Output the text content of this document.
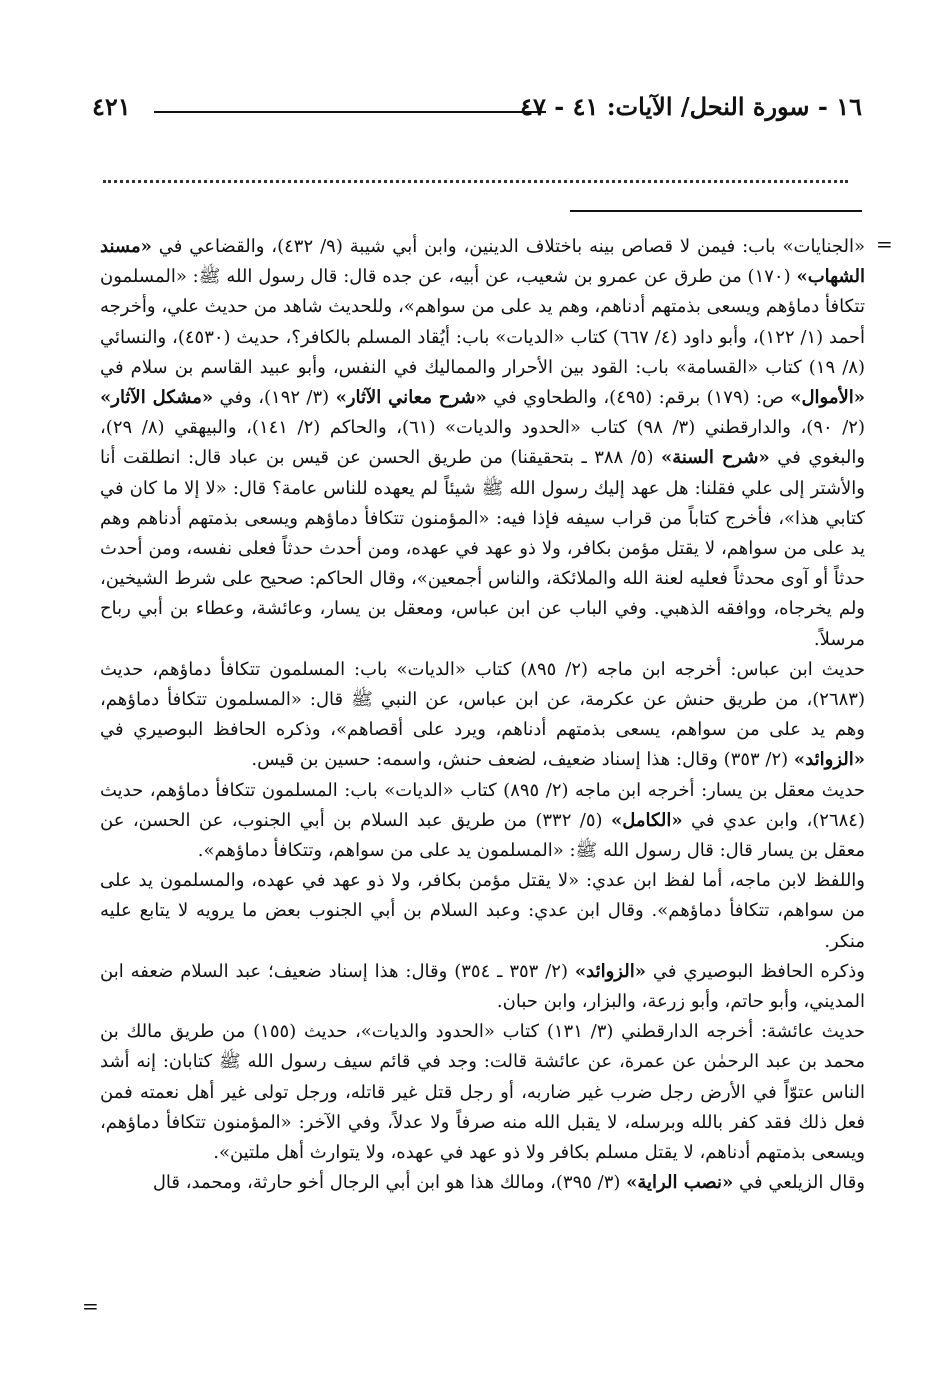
١٦ - سورة النحل/ الآيات: ٤١ - ٤٧
٤٢١
=
=

«الجنايات» باب: فيمن لا قصاص بينه باختلاف الدينين، وابن أبي شيبة (٩/ ٤٣٢)، والقضاعي في «مسند الشهاب» (١٧٠) من طرق عن عمرو بن شعيب، عن أبيه، عن جده قال: قال رسول الله ﷺ: «المسلمون تتكافأ دماؤهم ويسعى بذمتهم أدناهم، وهم يد على من سواهم»، وللحديث شاهد من حديث علي، وأخرجه أحمد (١/ ١٢٢)، وأبو داود (٤/ ٦٦٧) كتاب «الديات» باب: أيُقاد المسلم بالكافر؟، حديث (٤٥٣٠)، والنسائي (٨/ ١٩) كتاب «القسامة» باب: القود بين الأحرار والمماليك في النفس، وأبو عبيد القاسم بن سلام في «الأموال» ص: (١٧٩) برقم: (٤٩٥)، والطحاوي في «شرح معاني الآثار» (٣/ ١٩٢)، وفي «مشكل الآثار» (٢/ ٩٠)، والدارقطني (٣/ ٩٨) كتاب «الحدود والديات» (٦١)، والحاكم (٢/ ١٤١)، والبيهقي (٨/ ٢٩)، والبغوي في «شرح السنة» (٥/ ٣٨٨ ـ بتحقيقنا) من طريق الحسن عن قيس بن عباد قال: انطلقت أنا والأشتر إلى علي فقلنا: هل عهد إليك رسول الله ﷺ شيئاً لم يعهده للناس عامة؟ قال: «لا إلا ما كان في كتابي هذا»، فأخرج كتاباً من قراب سيفه فإذا فيه: «المؤمنون تتكافأ دماؤهم ويسعى بذمتهم أدناهم وهم يد على من سواهم، لا يقتل مؤمن بكافر، ولا ذو عهد في عهده، ومن أحدث حدثاً فعلى نفسه، ومن أحدث حدثاً أو آوى محدثاً فعليه لعنة الله والملائكة، والناس أجمعين»، وقال الحاكم: صحيح على شرط الشيخين، ولم يخرجاه، ووافقه الذهبي. وفي الباب عن ابن عباس، ومعقل بن يسار، وعائشة، وعطاء بن أبي رباح مرسلاً.

حديث ابن عباس: أخرجه ابن ماجه (٢/ ٨٩٥) كتاب «الديات» باب: المسلمون تتكافأ دماؤهم، حديث (٢٦٨٣)، من طريق حنش عن عكرمة، عن ابن عباس، عن النبي ﷺ قال: «المسلمون تتكافأ دماؤهم، وهم يد على من سواهم، يسعى بذمتهم أدناهم، ويرد على أقصاهم»، وذكره الحافظ البوصيري في «الزوائد» (٢/ ٣٥٣) وقال: هذا إسناد ضعيف، لضعف حنش، واسمه: حسين بن قيس.

حديث معقل بن يسار: أخرجه ابن ماجه (٢/ ٨٩٥) كتاب «الديات» باب: المسلمون تتكافأ دماؤهم، حديث (٢٦٨٤)، وابن عدي في «الكامل» (٥/ ٣٣٢) من طريق عبد السلام بن أبي الجنوب، عن الحسن، عن معقل بن يسار قال: قال رسول الله ﷺ: «المسلمون يد على من سواهم، وتتكافأ دماؤهم».

واللفظ لابن ماجه، أما لفظ ابن عدي: «لا يقتل مؤمن بكافر، ولا ذو عهد في عهده، والمسلمون يد على من سواهم، تتكافأ دماؤهم». وقال ابن عدي: وعبد السلام بن أبي الجنوب بعض ما يرويه لا يتابع عليه منكر.

وذكره الحافظ البوصيري في «الزوائد» (٢/ ٣٥٣ ـ ٣٥٤) وقال: هذا إسناد ضعيف؛ عبد السلام ضعفه ابن المديني، وأبو حاتم، وأبو زرعة، والبزار، وابن حبان.

حديث عائشة: أخرجه الدارقطني (٣/ ١٣١) كتاب «الحدود والديات»، حديث (١٥٥) من طريق مالك بن محمد بن عبد الرحمٰن عن عمرة، عن عائشة قالت: وجد في قائم سيف رسول الله ﷺ كتابان: إنه أشد الناس عتوّاً في الأرض رجل ضرب غير ضاربه، أو رجل قتل غير قاتله، ورجل تولى غير أهل نعمته فمن فعل ذلك فقد كفر بالله وبرسله، لا يقبل الله منه صرفاً ولا عدلاً، وفي الآخر: «المؤمنون تتكافأ دماؤهم، ويسعى بذمتهم أدناهم، لا يقتل مسلم بكافر ولا ذو عهد في عهده، ولا يتوارث أهل ملتين».

وقال الزيلعي في «نصب الراية» (٣/ ٣٩٥)، ومالك هذا هو ابن أبي الرجال أخو حارثة، ومحمد، قال
